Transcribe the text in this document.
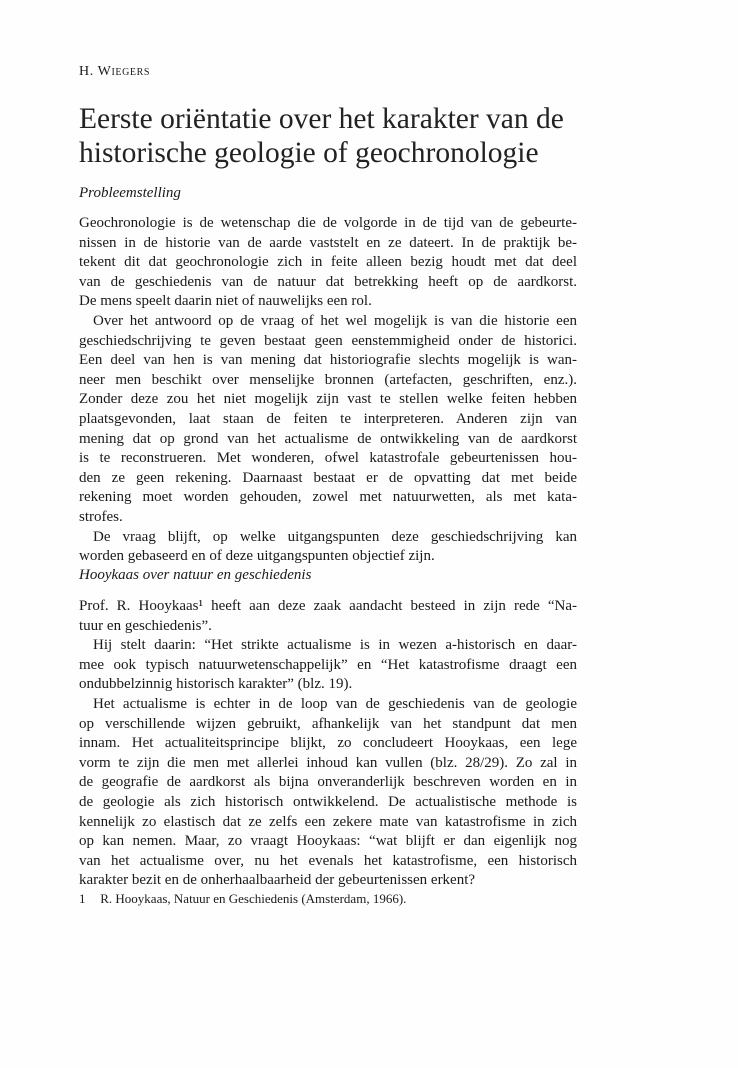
H. Wiegers
Eerste oriëntatie over het karakter van de
historische geologie of geochronologie
Probleemstelling
Geochronologie is de wetenschap die de volgorde in de tijd van de gebeurte-
nissen in de historie van de aarde vaststelt en ze dateert. In de praktijk be-
tekent dit dat geochronologie zich in feite alleen bezig houdt met dat deel
van de geschiedenis van de natuur dat betrekking heeft op de aardkorst.
De mens speelt daarin niet of nauwelijks een rol.
Over het antwoord op de vraag of het wel mogelijk is van die historie een
geschiedschrijving te geven bestaat geen eenstemmigheid onder de historici.
Een deel van hen is van mening dat historiografie slechts mogelijk is wan-
neer men beschikt over menselijke bronnen (artefacten, geschriften, enz.).
Zonder deze zou het niet mogelijk zijn vast te stellen welke feiten hebben
plaatsgevonden, laat staan de feiten te interpreteren. Anderen zijn van
mening dat op grond van het actualisme de ontwikkeling van de aardkorst
is te reconstrueren. Met wonderen, ofwel katastrofale gebeurtenissen hou-
den ze geen rekening. Daarnaast bestaat er de opvatting dat met beide
rekening moet worden gehouden, zowel met natuurwetten, als met kata-
strofes.
De vraag blijft, op welke uitgangspunten deze geschiedschrijving kan
worden gebaseerd en of deze uitgangspunten objectief zijn.
Hooykaas over natuur en geschiedenis
Prof. R. Hooykaas¹ heeft aan deze zaak aandacht besteed in zijn rede “Na-
tuur en geschiedenis”.
Hij stelt daarin: “Het strikte actualisme is in wezen a-historisch en daar-
mee ook typisch natuurwetenschappelijk” en “Het katastrofisme draagt een
ondubbelzinnig historisch karakter” (blz. 19).
Het actualisme is echter in de loop van de geschiedenis van de geologie
op verschillende wijzen gebruikt, afhankelijk van het standpunt dat men
innam. Het actualiteitsprincipe blijkt, zo concludeert Hooykaas, een lege
vorm te zijn die men met allerlei inhoud kan vullen (blz. 28/29). Zo zal in
de geografie de aardkorst als bijna onveranderlijk beschreven worden en in
de geologie als zich historisch ontwikkelend. De actualistische methode is
kennelijk zo elastisch dat ze zelfs een zekere mate van katastrofisme in zich
op kan nemen. Maar, zo vraagt Hooykaas: “wat blijft er dan eigenlijk nog
van het actualisme over, nu het evenals het katastrofisme, een historisch
karakter bezit en de onherhaalbaarheid der gebeurtenissen erkent?
1 R. Hooykaas, Natuur en Geschiedenis (Amsterdam, 1966).
